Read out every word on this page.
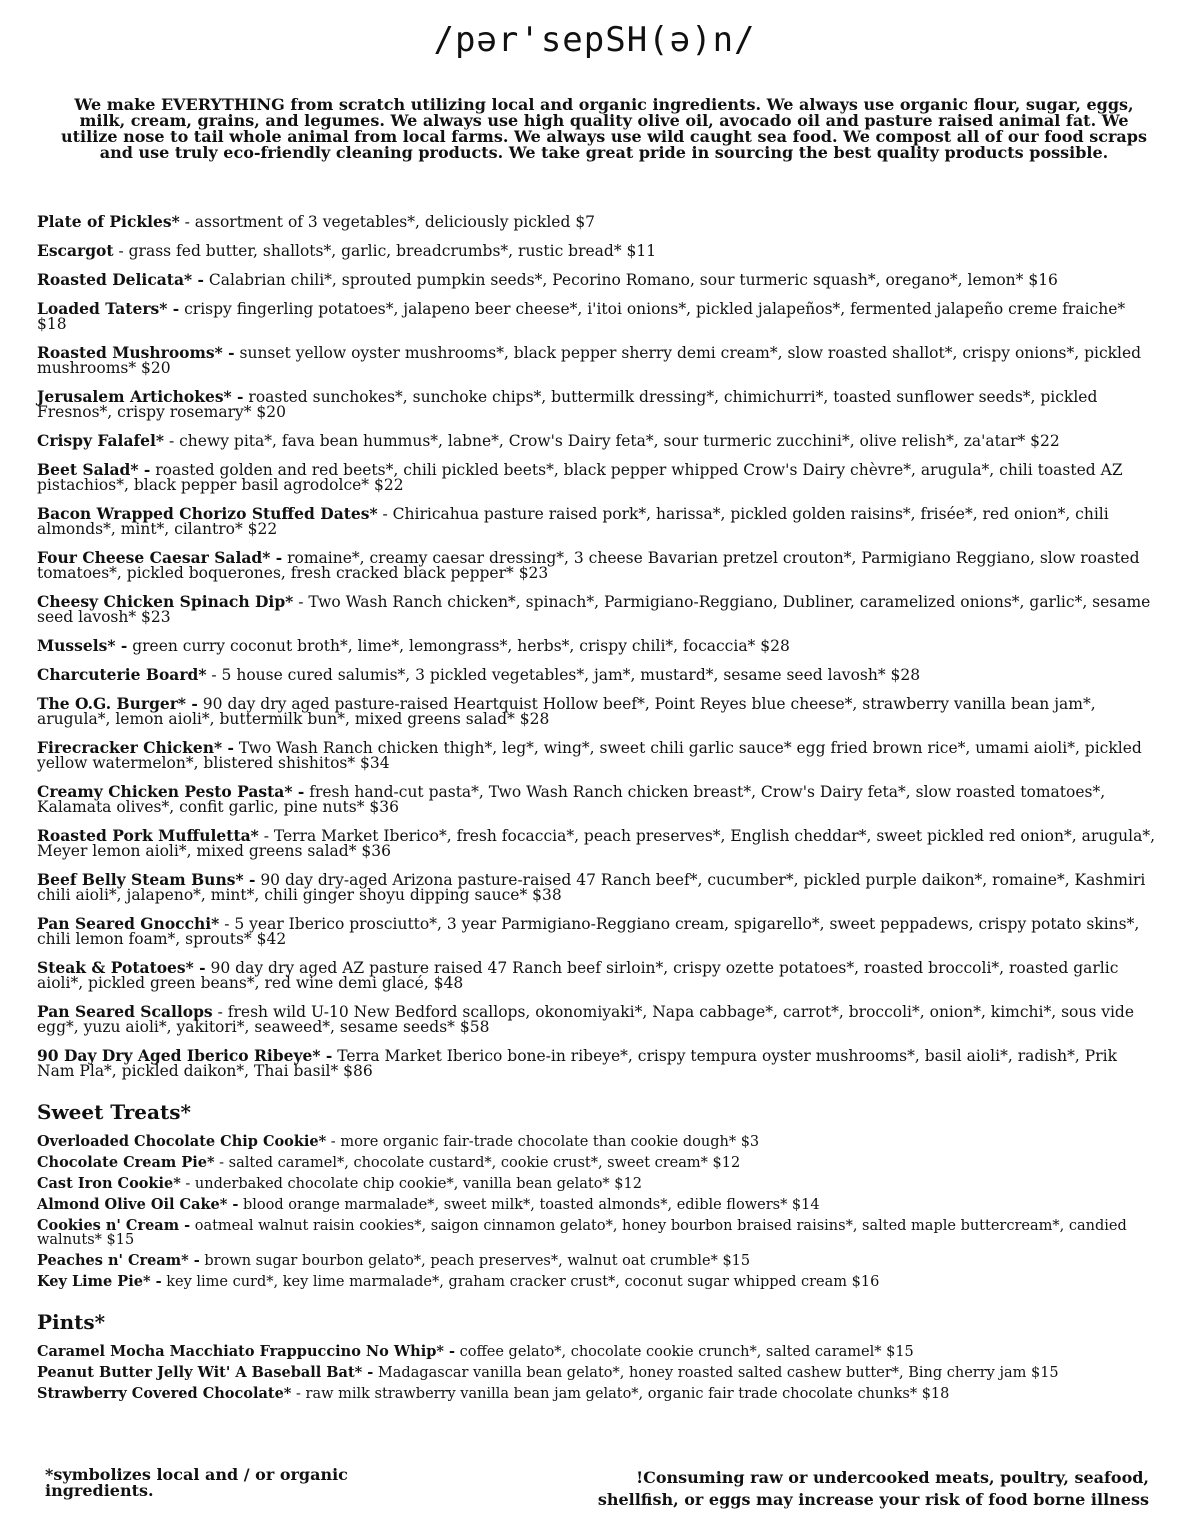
/pər'sepSH(ə)n/
We make EVERYTHING from scratch utilizing local and organic ingredients. We always use organic flour, sugar, eggs, milk, cream, grains, and legumes. We always use high quality olive oil, avocado oil and pasture raised animal fat. We utilize nose to tail whole animal from local farms. We always use wild caught sea food. We compost all of our food scraps and use truly eco-friendly cleaning products. We take great pride in sourcing the best quality products possible.
Plate of Pickles* - assortment of 3 vegetables*, deliciously pickled $7
Escargot - grass fed butter, shallots*, garlic, breadcrumbs*, rustic bread* $11
Roasted Delicata* - Calabrian chili*, sprouted pumpkin seeds*, Pecorino Romano, sour turmeric squash*, oregano*, lemon* $16
Loaded Taters* - crispy fingerling potatoes*, jalapeno beer cheese*, i'itoi onions*, pickled jalapeños*, fermented jalapeño creme fraiche* $18
Roasted Mushrooms* - sunset yellow oyster mushrooms*, black pepper sherry demi cream*, slow roasted shallot*, crispy onions*, pickled mushrooms* $20
Jerusalem Artichokes* - roasted sunchokes*, sunchoke chips*, buttermilk dressing*, chimichurri*, toasted sunflower seeds*, pickled Fresnos*, crispy rosemary* $20
Crispy Falafel* - chewy pita*, fava bean hummus*, labne*, Crow's Dairy feta*, sour turmeric zucchini*, olive relish*, za'atar* $22
Beet Salad* - roasted golden and red beets*, chili pickled beets*, black pepper whipped Crow's Dairy chèvre*, arugula*, chili toasted AZ pistachios*, black pepper basil agrodolce* $22
Bacon Wrapped Chorizo Stuffed Dates* - Chiricahua pasture raised pork*, harissa*, pickled golden raisins*, frisée*, red onion*, chili almonds*, mint*, cilantro* $22
Four Cheese Caesar Salad* - romaine*, creamy caesar dressing*, 3 cheese Bavarian pretzel crouton*, Parmigiano Reggiano, slow roasted tomatoes*, pickled boquerones, fresh cracked black pepper* $23
Cheesy Chicken Spinach Dip* - Two Wash Ranch chicken*, spinach*, Parmigiano-Reggiano, Dubliner, caramelized onions*, garlic*, sesame seed lavosh* $23
Mussels* - green curry coconut broth*, lime*, lemongrass*, herbs*, crispy chili*, focaccia* $28
Charcuterie Board* - 5 house cured salumis*, 3 pickled vegetables*, jam*, mustard*, sesame seed lavosh* $28
The O.G. Burger* - 90 day dry aged pasture-raised Heartquist Hollow beef*, Point Reyes blue cheese*, strawberry vanilla bean jam*, arugula*, lemon aioli*, buttermilk bun*, mixed greens salad* $28
Firecracker Chicken* - Two Wash Ranch chicken thigh*, leg*, wing*, sweet chili garlic sauce* egg fried brown rice*, umami aioli*, pickled yellow watermelon*, blistered shishitos* $34
Creamy Chicken Pesto Pasta* - fresh hand-cut pasta*, Two Wash Ranch chicken breast*, Crow's Dairy feta*, slow roasted tomatoes*, Kalamata olives*, confit garlic, pine nuts* $36
Roasted Pork Muffuletta* - Terra Market Iberico*, fresh focaccia*, peach preserves*, English cheddar*, sweet pickled red onion*, arugula*, Meyer lemon aioli*, mixed greens salad* $36
Beef Belly Steam Buns* - 90 day dry-aged Arizona pasture-raised 47 Ranch beef*, cucumber*, pickled purple daikon*, romaine*, Kashmiri chili aioli*, jalapeno*, mint*, chili ginger shoyu dipping sauce* $38
Pan Seared Gnocchi* - 5 year Iberico prosciutto*, 3 year Parmigiano-Reggiano cream, spigarello*, sweet peppadews, crispy potato skins*, chili lemon foam*, sprouts* $42
Steak & Potatoes* - 90 day dry aged AZ pasture raised 47 Ranch beef sirloin*, crispy ozette potatoes*, roasted broccoli*, roasted garlic aioli*, pickled green beans*, red wine demi glacé, $48
Pan Seared Scallops - fresh wild U-10 New Bedford scallops, okonomiyaki*, Napa cabbage*, carrot*, broccoli*, onion*, kimchi*, sous vide egg*, yuzu aioli*, yakitori*, seaweed*, sesame seeds* $58
90 Day Dry Aged Iberico Ribeye* - Terra Market Iberico bone-in ribeye*, crispy tempura oyster mushrooms*, basil aioli*, radish*, Prik Nam Pla*, pickled daikon*, Thai basil* $86
Sweet Treats*
Overloaded Chocolate Chip Cookie* - more organic fair-trade chocolate than cookie dough* $3
Chocolate Cream Pie* - salted caramel*, chocolate custard*, cookie crust*, sweet cream* $12
Cast Iron Cookie* - underbaked chocolate chip cookie*, vanilla bean gelato* $12
Almond Olive Oil Cake* - blood orange marmalade*, sweet milk*, toasted almonds*, edible flowers* $14
Cookies n' Cream - oatmeal walnut raisin cookies*, saigon cinnamon gelato*, honey bourbon braised raisins*, salted maple buttercream*, candied walnuts* $15
Peaches n' Cream* - brown sugar bourbon gelato*, peach preserves*, walnut oat crumble* $15
Key Lime Pie* - key lime curd*, key lime marmalade*, graham cracker crust*, coconut sugar whipped cream $16
Pints*
Caramel Mocha Macchiato Frappuccino No Whip* - coffee gelato*, chocolate cookie crunch*, salted caramel* $15
Peanut Butter Jelly Wit' A Baseball Bat* - Madagascar vanilla bean gelato*, honey roasted salted cashew butter*, Bing cherry jam $15
Strawberry Covered Chocolate* - raw milk strawberry vanilla bean jam gelato*, organic fair trade chocolate chunks* $18
*symbolizes local and / or organic ingredients.
!Consuming raw or undercooked meats, poultry, seafood, shellfish, or eggs may increase your risk of food borne illness
